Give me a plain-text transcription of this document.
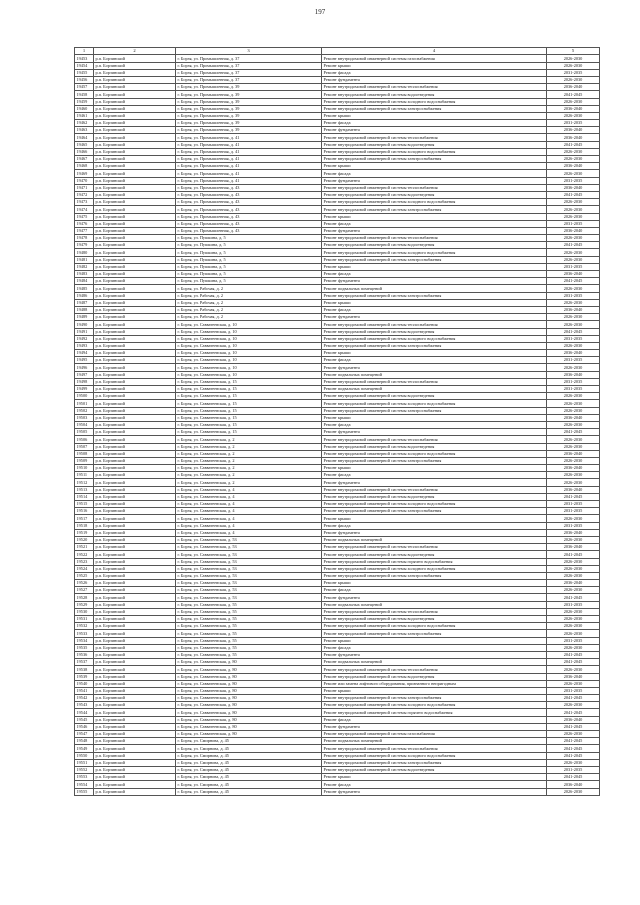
197
1	2	3	4	5
19453	р.п. Борзинский	г. Борзя, ул. Промышленная, д. 37	Ремонт внутридомовой инженерной системы газоснабжения	2026-2030
19454	р.п. Борзинский	г. Борзя, ул. Промышленная, д. 37	Ремонт крыши	2026-2030
19455	р.п. Борзинский	г. Борзя, ул. Промышленная, д. 37	Ремонт фасада	2031-2035
19456	р.п. Борзинский	г. Борзя, ул. Промышленная, д. 37	Ремонт фундамента	2026-2030
19457	р.п. Борзинский	г. Борзя, ул. Промышленная, д. 39	Ремонт внутридомовой инженерной системы теплоснабжения	2036-2040
19458	р.п. Борзинский	г. Борзя, ул. Промышленная, д. 39	Ремонт внутридомовой инженерной системы водоотведения	2041-2045
19459	р.п. Борзинский	г. Борзя, ул. Промышленная, д. 39	Ремонт внутридомовой инженерной системы холодного водоснабжения	2026-2030
19460	р.п. Борзинский	г. Борзя, ул. Промышленная, д. 39	Ремонт внутридомовой инженерной системы электроснабжения	2036-2040
19461	р.п. Борзинский	г. Борзя, ул. Промышленная, д. 39	Ремонт крыши	2026-2030
19462	р.п. Борзинский	г. Борзя, ул. Промышленная, д. 39	Ремонт фасада	2031-2035
19463	р.п. Борзинский	г. Борзя, ул. Промышленная, д. 39	Ремонт фундамента	2036-2040
19464	р.п. Борзинский	г. Борзя, ул. Промышленная, д. 41	Ремонт внутридомовой инженерной системы теплоснабжения	2036-2040
19465	р.п. Борзинский	г. Борзя, ул. Промышленная, д. 41	Ремонт внутридомовой инженерной системы водоотведения	2041-2045
19466	р.п. Борзинский	г. Борзя, ул. Промышленная, д. 41	Ремонт внутридомовой инженерной системы холодного водоснабжения	2026-2030
19467	р.п. Борзинский	г. Борзя, ул. Промышленная, д. 41	Ремонт внутридомовой инженерной системы электроснабжения	2026-2030
19468	р.п. Борзинский	г. Борзя, ул. Промышленная, д. 41	Ремонт крыши	2036-2040
19469	р.п. Борзинский	г. Борзя, ул. Промышленная, д. 41	Ремонт фасада	2026-2030
19470	р.п. Борзинский	г. Борзя, ул. Промышленная, д. 41	Ремонт фундамента	2031-2035
19471	р.п. Борзинский	г. Борзя, ул. Промышленная, д. 43	Ремонт внутридомовой инженерной системы теплоснабжения	2036-2040
19472	р.п. Борзинский	г. Борзя, ул. Промышленная, д. 43	Ремонт внутридомовой инженерной системы водоотведения	2041-2045
19473	р.п. Борзинский	г. Борзя, ул. Промышленная, д. 43	Ремонт внутридомовой инженерной системы холодного водоснабжения	2026-2030
19474	р.п. Борзинский	г. Борзя, ул. Промышленная, д. 43	Ремонт внутридомовой инженерной системы электроснабжения	2026-2030
19475	р.п. Борзинский	г. Борзя, ул. Промышленная, д. 43	Ремонт крыши	2026-2030
19476	р.п. Борзинский	г. Борзя, ул. Промышленная, д. 43	Ремонт фасада	2031-2035
19477	р.п. Борзинский	г. Борзя, ул. Промышленная, д. 43	Ремонт фундамента	2036-2040
19478	р.п. Борзинский	г. Борзя, ул. Пушкина, д. 5	Ремонт внутридомовой инженерной системы теплоснабжения	2026-2030
19479	р.п. Борзинский	г. Борзя, ул. Пушкина, д. 5	Ремонт внутридомовой инженерной системы водоотведения	2041-2045
19480	р.п. Борзинский	г. Борзя, ул. Пушкина, д. 5	Ремонт внутридомовой инженерной системы холодного водоснабжения	2026-2030
19481	р.п. Борзинский	г. Борзя, ул. Пушкина, д. 5	Ремонт внутридомовой инженерной системы электроснабжения	2026-2030
19482	р.п. Борзинский	г. Борзя, ул. Пушкина, д. 5	Ремонт крыши	2031-2035
19483	р.п. Борзинский	г. Борзя, ул. Пушкина, д. 5	Ремонт фасада	2036-2040
19484	р.п. Борзинский	г. Борзя, ул. Пушкина, д. 5	Ремонт фундамента	2041-2045
19485	р.п. Борзинский	г. Борзя, ул. Рабочая, д. 2	Ремонт подвальных помещений	2026-2030
19486	р.п. Борзинский	г. Борзя, ул. Рабочая, д. 2	Ремонт внутридомовой инженерной системы электроснабжения	2031-2035
19487	р.п. Борзинский	г. Борзя, ул. Рабочая, д. 2	Ремонт крыши	2026-2030
19488	р.п. Борзинский	г. Борзя, ул. Рабочая, д. 2	Ремонт фасада	2036-2040
19489	р.п. Борзинский	г. Борзя, ул. Рабочая, д. 2	Ремонт фундамента	2026-2030
19490	р.п. Борзинский	г. Борзя, ул. Савватеевская, д. 10	Ремонт внутридомовой инженерной системы теплоснабжения	2026-2030
19491	р.п. Борзинский	г. Борзя, ул. Савватеевская, д. 10	Ремонт внутридомовой инженерной системы водоотведения	2041-2045
19492	р.п. Борзинский	г. Борзя, ул. Савватеевская, д. 10	Ремонт внутридомовой инженерной системы холодного водоснабжения	2031-2035
19493	р.п. Борзинский	г. Борзя, ул. Савватеевская, д. 10	Ремонт внутридомовой инженерной системы электроснабжения	2026-2030
19494	р.п. Борзинский	г. Борзя, ул. Савватеевская, д. 10	Ремонт крыши	2036-2040
19495	р.п. Борзинский	г. Борзя, ул. Савватеевская, д. 10	Ремонт фасада	2031-2035
19496	р.п. Борзинский	г. Борзя, ул. Савватеевская, д. 10	Ремонт фундамента	2026-2030
19497	р.п. Борзинский	г. Борзя, ул. Савватеевская, д. 10	Ремонт подвальных помещений	2036-2040
19498	р.п. Борзинский	г. Борзя, ул. Савватеевская, д. 15	Ремонт внутридомовой инженерной системы теплоснабжения	2031-2035
19499	р.п. Борзинский	г. Борзя, ул. Савватеевская, д. 15	Ремонт подвальных помещений	2031-2035
19500	р.п. Борзинский	г. Борзя, ул. Савватеевская, д. 15	Ремонт внутридомовой инженерной системы водоотведения	2026-2030
19501	р.п. Борзинский	г. Борзя, ул. Савватеевская, д. 15	Ремонт внутридомовой инженерной системы холодного водоснабжения	2026-2030
19502	р.п. Борзинский	г. Борзя, ул. Савватеевская, д. 15	Ремонт внутридомовой инженерной системы электроснабжения	2026-2030
19503	р.п. Борзинский	г. Борзя, ул. Савватеевская, д. 15	Ремонт крыши	2036-2040
19504	р.п. Борзинский	г. Борзя, ул. Савватеевская, д. 15	Ремонт фасада	2026-2030
19505	р.п. Борзинский	г. Борзя, ул. Савватеевская, д. 15	Ремонт фундамента	2041-2045
19506	р.п. Борзинский	г. Борзя, ул. Савватеевская, д. 2	Ремонт внутридомовой инженерной системы теплоснабжения	2026-2030
19507	р.п. Борзинский	г. Борзя, ул. Савватеевская, д. 2	Ремонт внутридомовой инженерной системы водоотведения	2026-2030
19508	р.п. Борзинский	г. Борзя, ул. Савватеевская, д. 2	Ремонт внутридомовой инженерной системы холодного водоснабжения	2036-2040
19509	р.п. Борзинский	г. Борзя, ул. Савватеевская, д. 2	Ремонт внутридомовой инженерной системы электроснабжения	2026-2030
19510	р.п. Борзинский	г. Борзя, ул. Савватеевская, д. 2	Ремонт крыши	2036-2040
19511	р.п. Борзинский	г. Борзя, ул. Савватеевская, д. 2	Ремонт фасада	2026-2030
19512	р.п. Борзинский	г. Борзя, ул. Савватеевская, д. 2	Ремонт фундамента	2026-2030
19513	р.п. Борзинский	г. Борзя, ул. Савватеевская, д. 4	Ремонт внутридомовой инженерной системы теплоснабжения	2036-2040
19514	р.п. Борзинский	г. Борзя, ул. Савватеевская, д. 4	Ремонт внутридомовой инженерной системы водоотведения	2041-2045
19515	р.п. Борзинский	г. Борзя, ул. Савватеевская, д. 4	Ремонт внутридомовой инженерной системы холодного водоснабжения	2031-2035
19516	р.п. Борзинский	г. Борзя, ул. Савватеевская, д. 4	Ремонт внутридомовой инженерной системы электроснабжения	2031-2035
19517	р.п. Борзинский	г. Борзя, ул. Савватеевская, д. 4	Ремонт крыши	2026-2030
19518	р.п. Борзинский	г. Борзя, ул. Савватеевская, д. 4	Ремонт фасада	2031-2035
19519	р.п. Борзинский	г. Борзя, ул. Савватеевская, д. 4	Ремонт фундамента	2036-2040
19520	р.п. Борзинский	г. Борзя, ул. Савватеевская, д. 53	Ремонт подвальных помещений	2026-2030
19521	р.п. Борзинский	г. Борзя, ул. Савватеевская, д. 53	Ремонт внутридомовой инженерной системы теплоснабжения	2036-2040
19522	р.п. Борзинский	г. Борзя, ул. Савватеевская, д. 53	Ремонт внутридомовой инженерной системы водоотведения	2041-2045
19523	р.п. Борзинский	г. Борзя, ул. Савватеевская, д. 53	Ремонт внутридомовой инженерной системы горячего водоснабжения	2026-2030
19524	р.п. Борзинский	г. Борзя, ул. Савватеевская, д. 53	Ремонт внутридомовой инженерной системы холодного водоснабжения	2026-2030
19525	р.п. Борзинский	г. Борзя, ул. Савватеевская, д. 53	Ремонт внутридомовой инженерной системы электроснабжения	2026-2030
19526	р.п. Борзинский	г. Борзя, ул. Савватеевская, д. 53	Ремонт крыши	2036-2040
19527	р.п. Борзинский	г. Борзя, ул. Савватеевская, д. 53	Ремонт фасада	2026-2030
19528	р.п. Борзинский	г. Борзя, ул. Савватеевская, д. 53	Ремонт фундамента	2041-2045
19529	р.п. Борзинский	г. Борзя, ул. Савватеевская, д. 55	Ремонт подвальных помещений	2031-2035
19530	р.п. Борзинский	г. Борзя, ул. Савватеевская, д. 55	Ремонт внутридомовой инженерной системы теплоснабжения	2026-2030
19531	р.п. Борзинский	г. Борзя, ул. Савватеевская, д. 55	Ремонт внутридомовой инженерной системы водоотведения	2026-2030
19532	р.п. Борзинский	г. Борзя, ул. Савватеевская, д. 55	Ремонт внутридомовой инженерной системы холодного водоснабжения	2026-2030
19533	р.п. Борзинский	г. Борзя, ул. Савватеевская, д. 55	Ремонт внутридомовой инженерной системы электроснабжения	2026-2030
19534	р.п. Борзинский	г. Борзя, ул. Савватеевская, д. 55	Ремонт крыши	2031-2035
19535	р.п. Борзинский	г. Борзя, ул. Савватеевская, д. 55	Ремонт фасада	2026-2030
19536	р.п. Борзинский	г. Борзя, ул. Савватеевская, д. 55	Ремонт фундамента	2041-2045
19537	р.п. Борзинский	г. Борзя, ул. Савватеевская, д. 80	Ремонт подвальных помещений	2041-2045
19538	р.п. Борзинский	г. Борзя, ул. Савватеевская, д. 80	Ремонт внутридомовой инженерной системы теплоснабжения	2026-2030
19539	р.п. Борзинский	г. Борзя, ул. Савватеевская, д. 80	Ремонт внутридомовой инженерной системы водоотведения	2036-2040
19540	р.п. Борзинский	г. Борзя, ул. Савватеевская, д. 80	Ремонт или замена лифтового оборудования, признанного непригодным	2026-2030
19541	р.п. Борзинский	г. Борзя, ул. Савватеевская, д. 80	Ремонт крыши	2031-2035
19542	р.п. Борзинский	г. Борзя, ул. Савватеевская, д. 80	Ремонт внутридомовой инженерной системы электроснабжения	2041-2045
19543	р.п. Борзинский	г. Борзя, ул. Савватеевская, д. 80	Ремонт внутридомовой инженерной системы холодного водоснабжения	2026-2030
19544	р.п. Борзинский	г. Борзя, ул. Савватеевская, д. 80	Ремонт внутридомовой инженерной системы горячего водоснабжения	2041-2045
19545	р.п. Борзинский	г. Борзя, ул. Савватеевская, д. 80	Ремонт фасада	2036-2040
19546	р.п. Борзинский	г. Борзя, ул. Савватеевская, д. 80	Ремонт фундамента	2041-2045
19547	р.п. Борзинский	г. Борзя, ул. Савватеевская, д. 80	Ремонт внутридомовой инженерной системы газоснабжения	2026-2030
19548	р.п. Борзинский	г. Борзя, ул. Смирнова, д. 45	Ремонт подвальных помещений	2041-2045
19549	р.п. Борзинский	г. Борзя, ул. Смирнова, д. 45	Ремонт внутридомовой инженерной системы теплоснабжения	2041-2045
19550	р.п. Борзинский	г. Борзя, ул. Смирнова, д. 45	Ремонт внутридомовой инженерной системы холодного водоснабжения	2041-2045
19551	р.п. Борзинский	г. Борзя, ул. Смирнова, д. 45	Ремонт внутридомовой инженерной системы электроснабжения	2026-2030
19552	р.п. Борзинский	г. Борзя, ул. Смирнова, д. 45	Ремонт внутридомовой инженерной системы водоотведения	2031-2035
19553	р.п. Борзинский	г. Борзя, ул. Смирнова, д. 45	Ремонт крыши	2041-2045
19554	р.п. Борзинский	г. Борзя, ул. Смирнова, д. 45	Ремонт фасада	2036-2040
19555	р.п. Борзинский	г. Борзя, ул. Смирнова, д. 45	Ремонт фундамента	2026-2030
